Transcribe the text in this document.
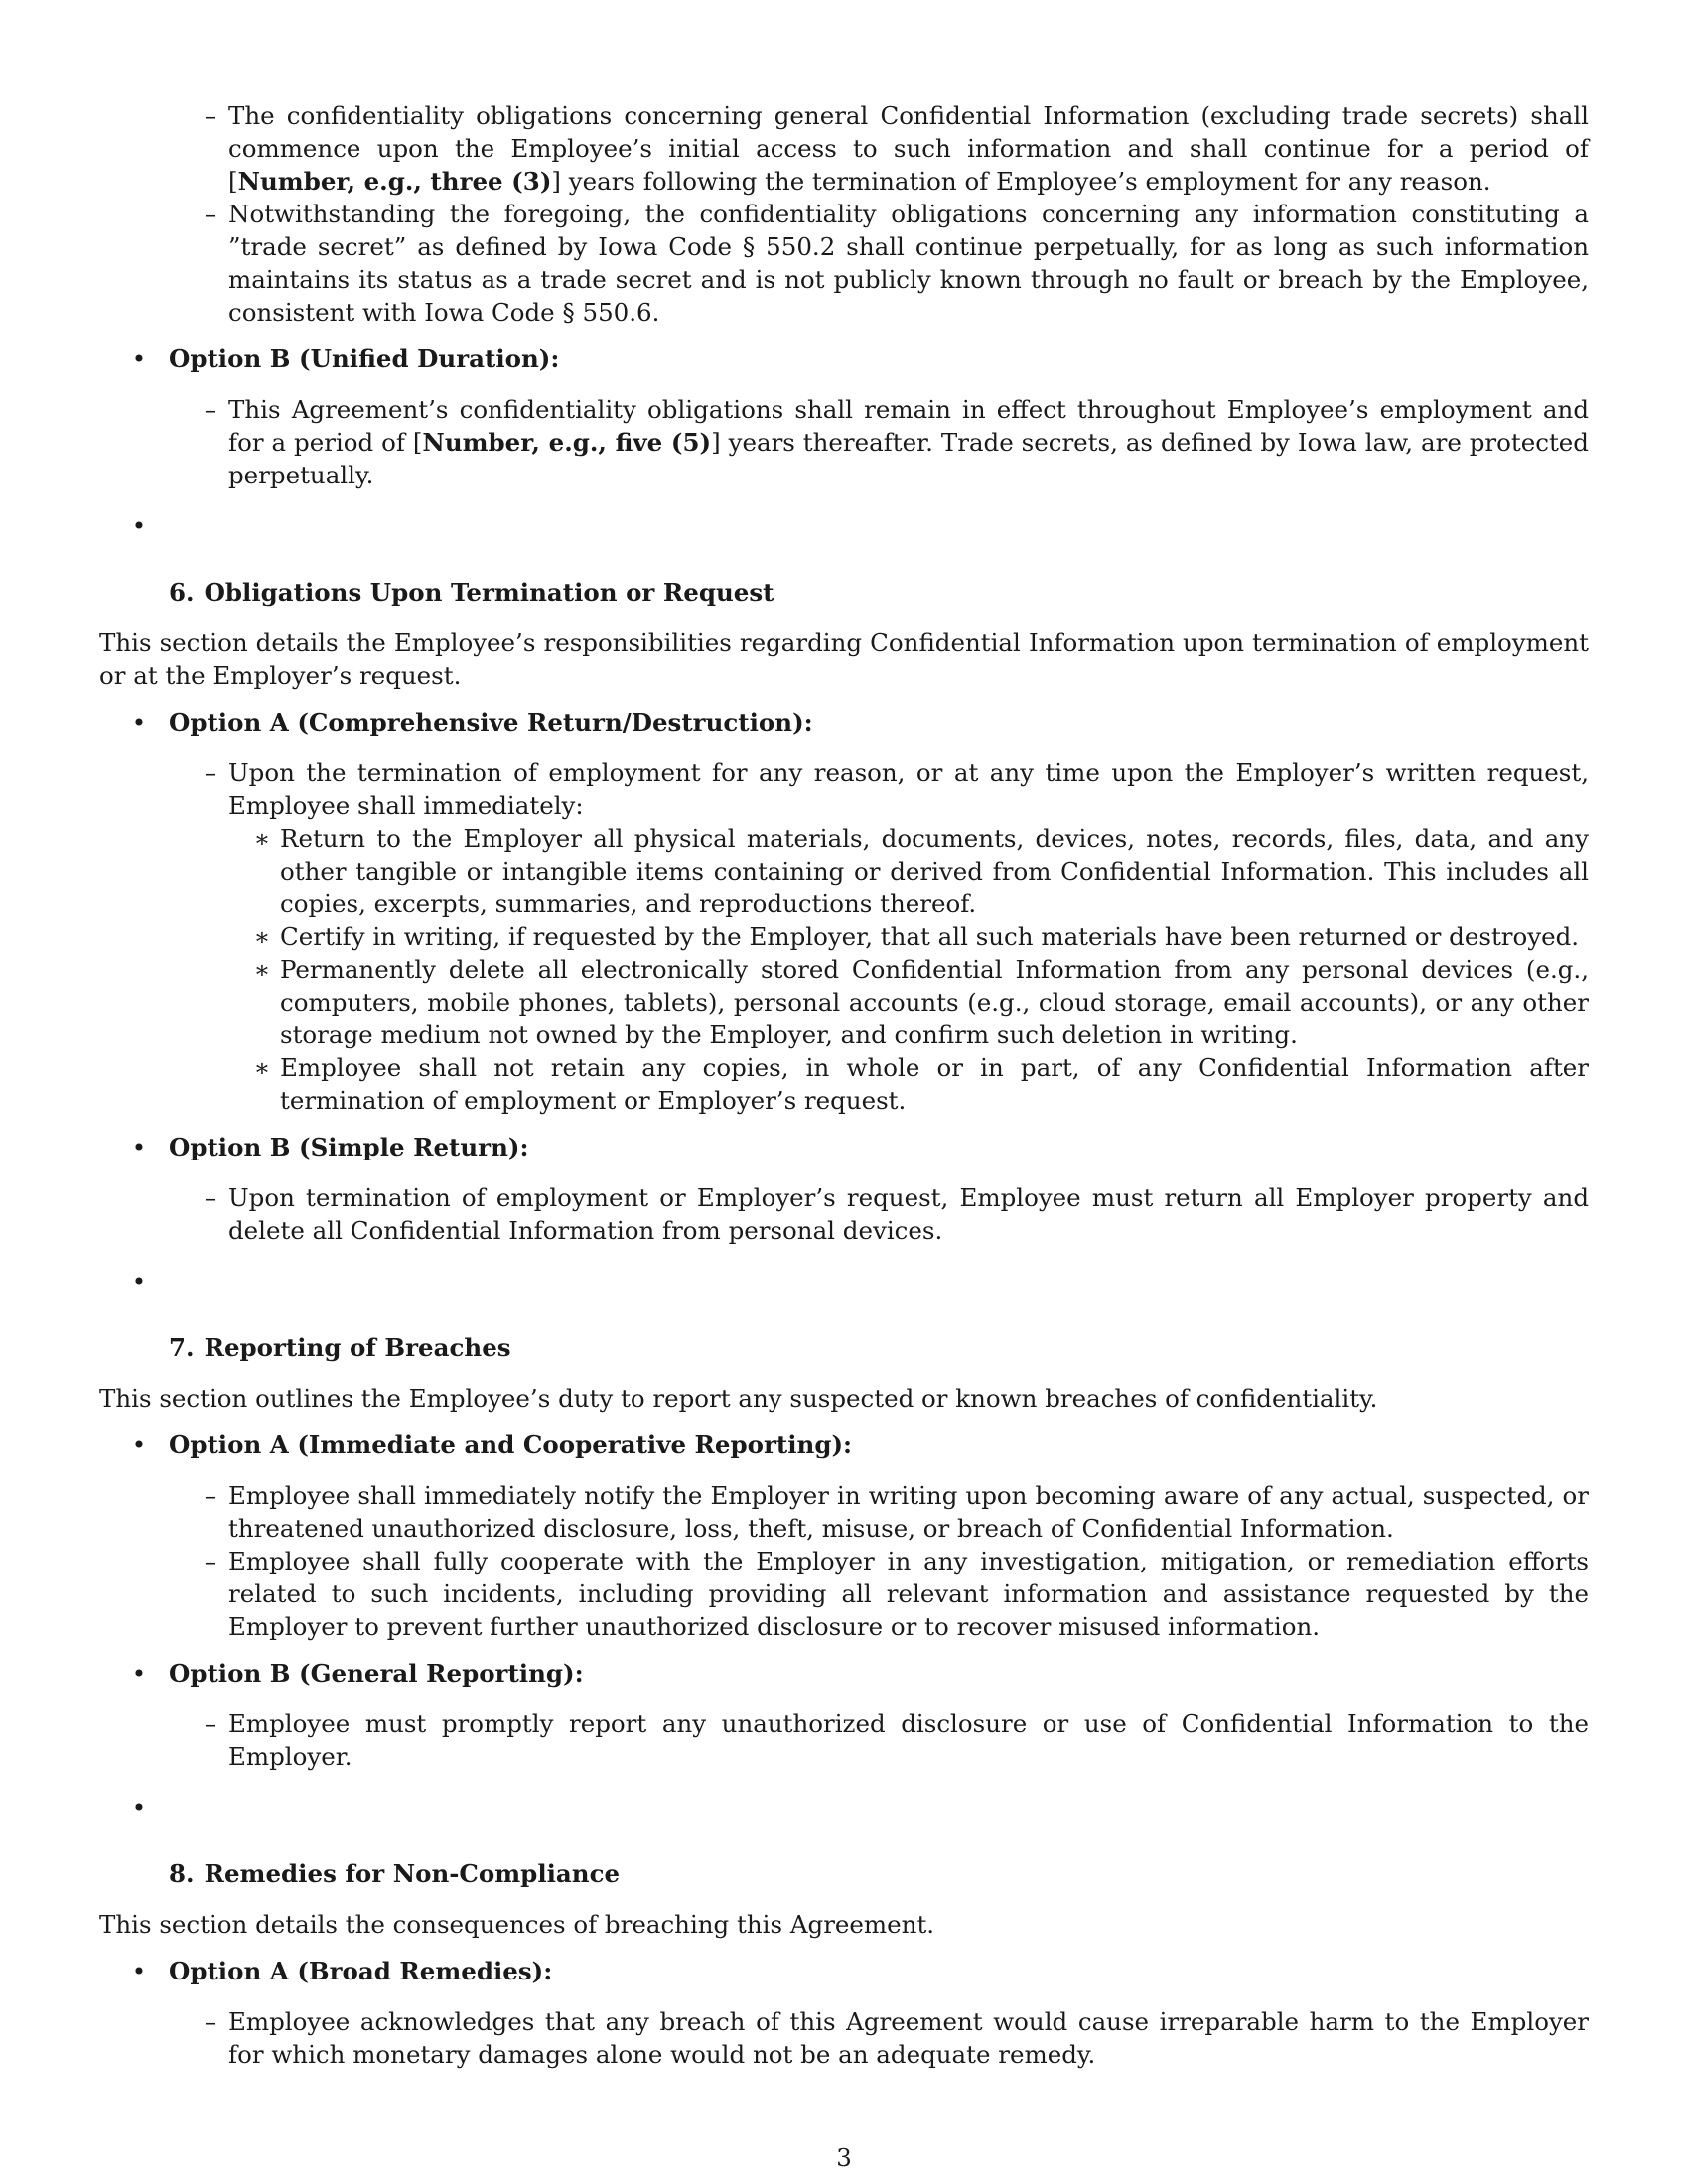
– The confidentiality obligations concerning general Confidential Information (excluding trade secrets) shall commence upon the Employee’s initial access to such information and shall continue for a period of [Number, e.g., three (3)] years following the termination of Employee’s employment for any reason.
– Notwithstanding the foregoing, the confidentiality obligations concerning any information constituting a ”trade secret” as defined by Iowa Code § 550.2 shall continue perpetually, for as long as such information maintains its status as a trade secret and is not publicly known through no fault or breach by the Employee, consistent with Iowa Code § 550.6.
• Option B (Unified Duration):
– This Agreement’s confidentiality obligations shall remain in effect throughout Employee’s employment and for a period of [Number, e.g., five (5)] years thereafter. Trade secrets, as defined by Iowa law, are protected perpetually.
•
6. Obligations Upon Termination or Request

This section details the Employee’s responsibilities regarding Confidential Information upon termination of employment or at the Employer’s request.

• Option A (Comprehensive Return/Destruction):
– Upon the termination of employment for any reason, or at any time upon the Employer’s written request, Employee shall immediately:
∗ Return to the Employer all physical materials, documents, devices, notes, records, files, data, and any other tangible or intangible items containing or derived from Confidential Information. This includes all copies, excerpts, summaries, and reproductions thereof.
∗ Certify in writing, if requested by the Employer, that all such materials have been returned or destroyed.
∗ Permanently delete all electronically stored Confidential Information from any personal devices (e.g., computers, mobile phones, tablets), personal accounts (e.g., cloud storage, email accounts), or any other storage medium not owned by the Employer, and confirm such deletion in writing.
∗ Employee shall not retain any copies, in whole or in part, of any Confidential Information after termination of employment or Employer’s request.
• Option B (Simple Return):
– Upon termination of employment or Employer’s request, Employee must return all Employer property and delete all Confidential Information from personal devices.
•
7. Reporting of Breaches

This section outlines the Employee’s duty to report any suspected or known breaches of confidentiality.

• Option A (Immediate and Cooperative Reporting):
– Employee shall immediately notify the Employer in writing upon becoming aware of any actual, suspected, or threatened unauthorized disclosure, loss, theft, misuse, or breach of Confidential Information.
– Employee shall fully cooperate with the Employer in any investigation, mitigation, or remediation efforts related to such incidents, including providing all relevant information and assistance requested by the Employer to prevent further unauthorized disclosure or to recover misused information.
• Option B (General Reporting):
– Employee must promptly report any unauthorized disclosure or use of Confidential Information to the Employer.
•
8. Remedies for Non-Compliance

This section details the consequences of breaching this Agreement.

• Option A (Broad Remedies):
– Employee acknowledges that any breach of this Agreement would cause irreparable harm to the Employer for which monetary damages alone would not be an adequate remedy.
3
